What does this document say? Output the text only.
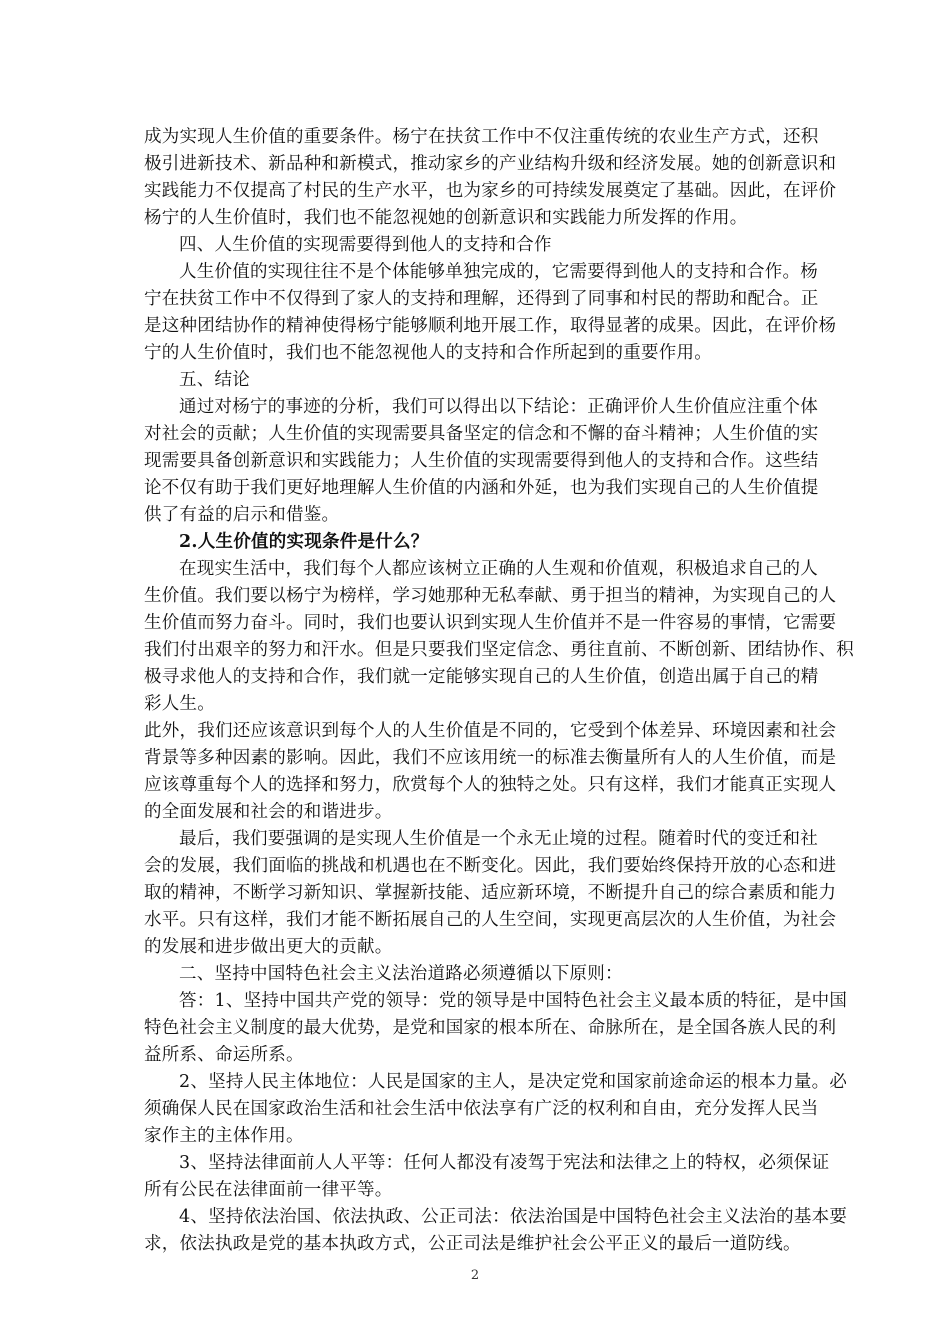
成为实现人生价值的重要条件。杨宁在扶贫工作中不仅注重传统的农业生产方式，还积
极引进新技术、新品种和新模式，推动家乡的产业结构升级和经济发展。她的创新意识和
实践能力不仅提高了村民的生产水平，也为家乡的可持续发展奠定了基础。因此，在评价
杨宁的人生价值时，我们也不能忽视她的创新意识和实践能力所发挥的作用。
四、人生价值的实现需要得到他人的支持和合作
人生价值的实现往往不是个体能够单独完成的，它需要得到他人的支持和合作。杨
宁在扶贫工作中不仅得到了家人的支持和理解，还得到了同事和村民的帮助和配合。正
是这种团结协作的精神使得杨宁能够顺利地开展工作，取得显著的成果。因此，在评价杨
宁的人生价值时，我们也不能忽视他人的支持和合作所起到的重要作用。
五、结论
通过对杨宁的事迹的分析，我们可以得出以下结论：正确评价人生价值应注重个体
对社会的贡献；人生价值的实现需要具备坚定的信念和不懈的奋斗精神；人生价值的实
现需要具备创新意识和实践能力；人生价值的实现需要得到他人的支持和合作。这些结
论不仅有助于我们更好地理解人生价值的内涵和外延，也为我们实现自己的人生价值提
供了有益的启示和借鉴。
2.人生价值的实现条件是什么？
在现实生活中，我们每个人都应该树立正确的人生观和价值观，积极追求自己的人
生价值。我们要以杨宁为榜样，学习她那种无私奉献、勇于担当的精神，为实现自己的人
生价值而努力奋斗。同时，我们也要认识到实现人生价值并不是一件容易的事情，它需要
我们付出艰辛的努力和汗水。但是只要我们坚定信念、勇往直前、不断创新、团结协作、积
极寻求他人的支持和合作，我们就一定能够实现自己的人生价值，创造出属于自己的精
彩人生。
此外，我们还应该意识到每个人的人生价值是不同的，它受到个体差异、环境因素和社会
背景等多种因素的影响。因此，我们不应该用统一的标准去衡量所有人的人生价值，而是
应该尊重每个人的选择和努力，欣赏每个人的独特之处。只有这样，我们才能真正实现人
的全面发展和社会的和谐进步。
最后，我们要强调的是实现人生价值是一个永无止境的过程。随着时代的变迁和社
会的发展，我们面临的挑战和机遇也在不断变化。因此，我们要始终保持开放的心态和进
取的精神，不断学习新知识、掌握新技能、适应新环境，不断提升自己的综合素质和能力
水平。只有这样，我们才能不断拓展自己的人生空间，实现更高层次的人生价值，为社会
的发展和进步做出更大的贡献。
二、坚持中国特色社会主义法治道路必须遵循以下原则：
答：1、坚持中国共产党的领导：党的领导是中国特色社会主义最本质的特征，是中国
特色社会主义制度的最大优势，是党和国家的根本所在、命脉所在，是全国各族人民的利
益所系、命运所系。
2、坚持人民主体地位：人民是国家的主人，是决定党和国家前途命运的根本力量。必
须确保人民在国家政治生活和社会生活中依法享有广泛的权利和自由，充分发挥人民当
家作主的主体作用。
3、坚持法律面前人人平等：任何人都没有凌驾于宪法和法律之上的特权，必须保证
所有公民在法律面前一律平等。
4、坚持依法治国、依法执政、公正司法：依法治国是中国特色社会主义法治的基本要
求，依法执政是党的基本执政方式，公正司法是维护社会公平正义的最后一道防线。
2
